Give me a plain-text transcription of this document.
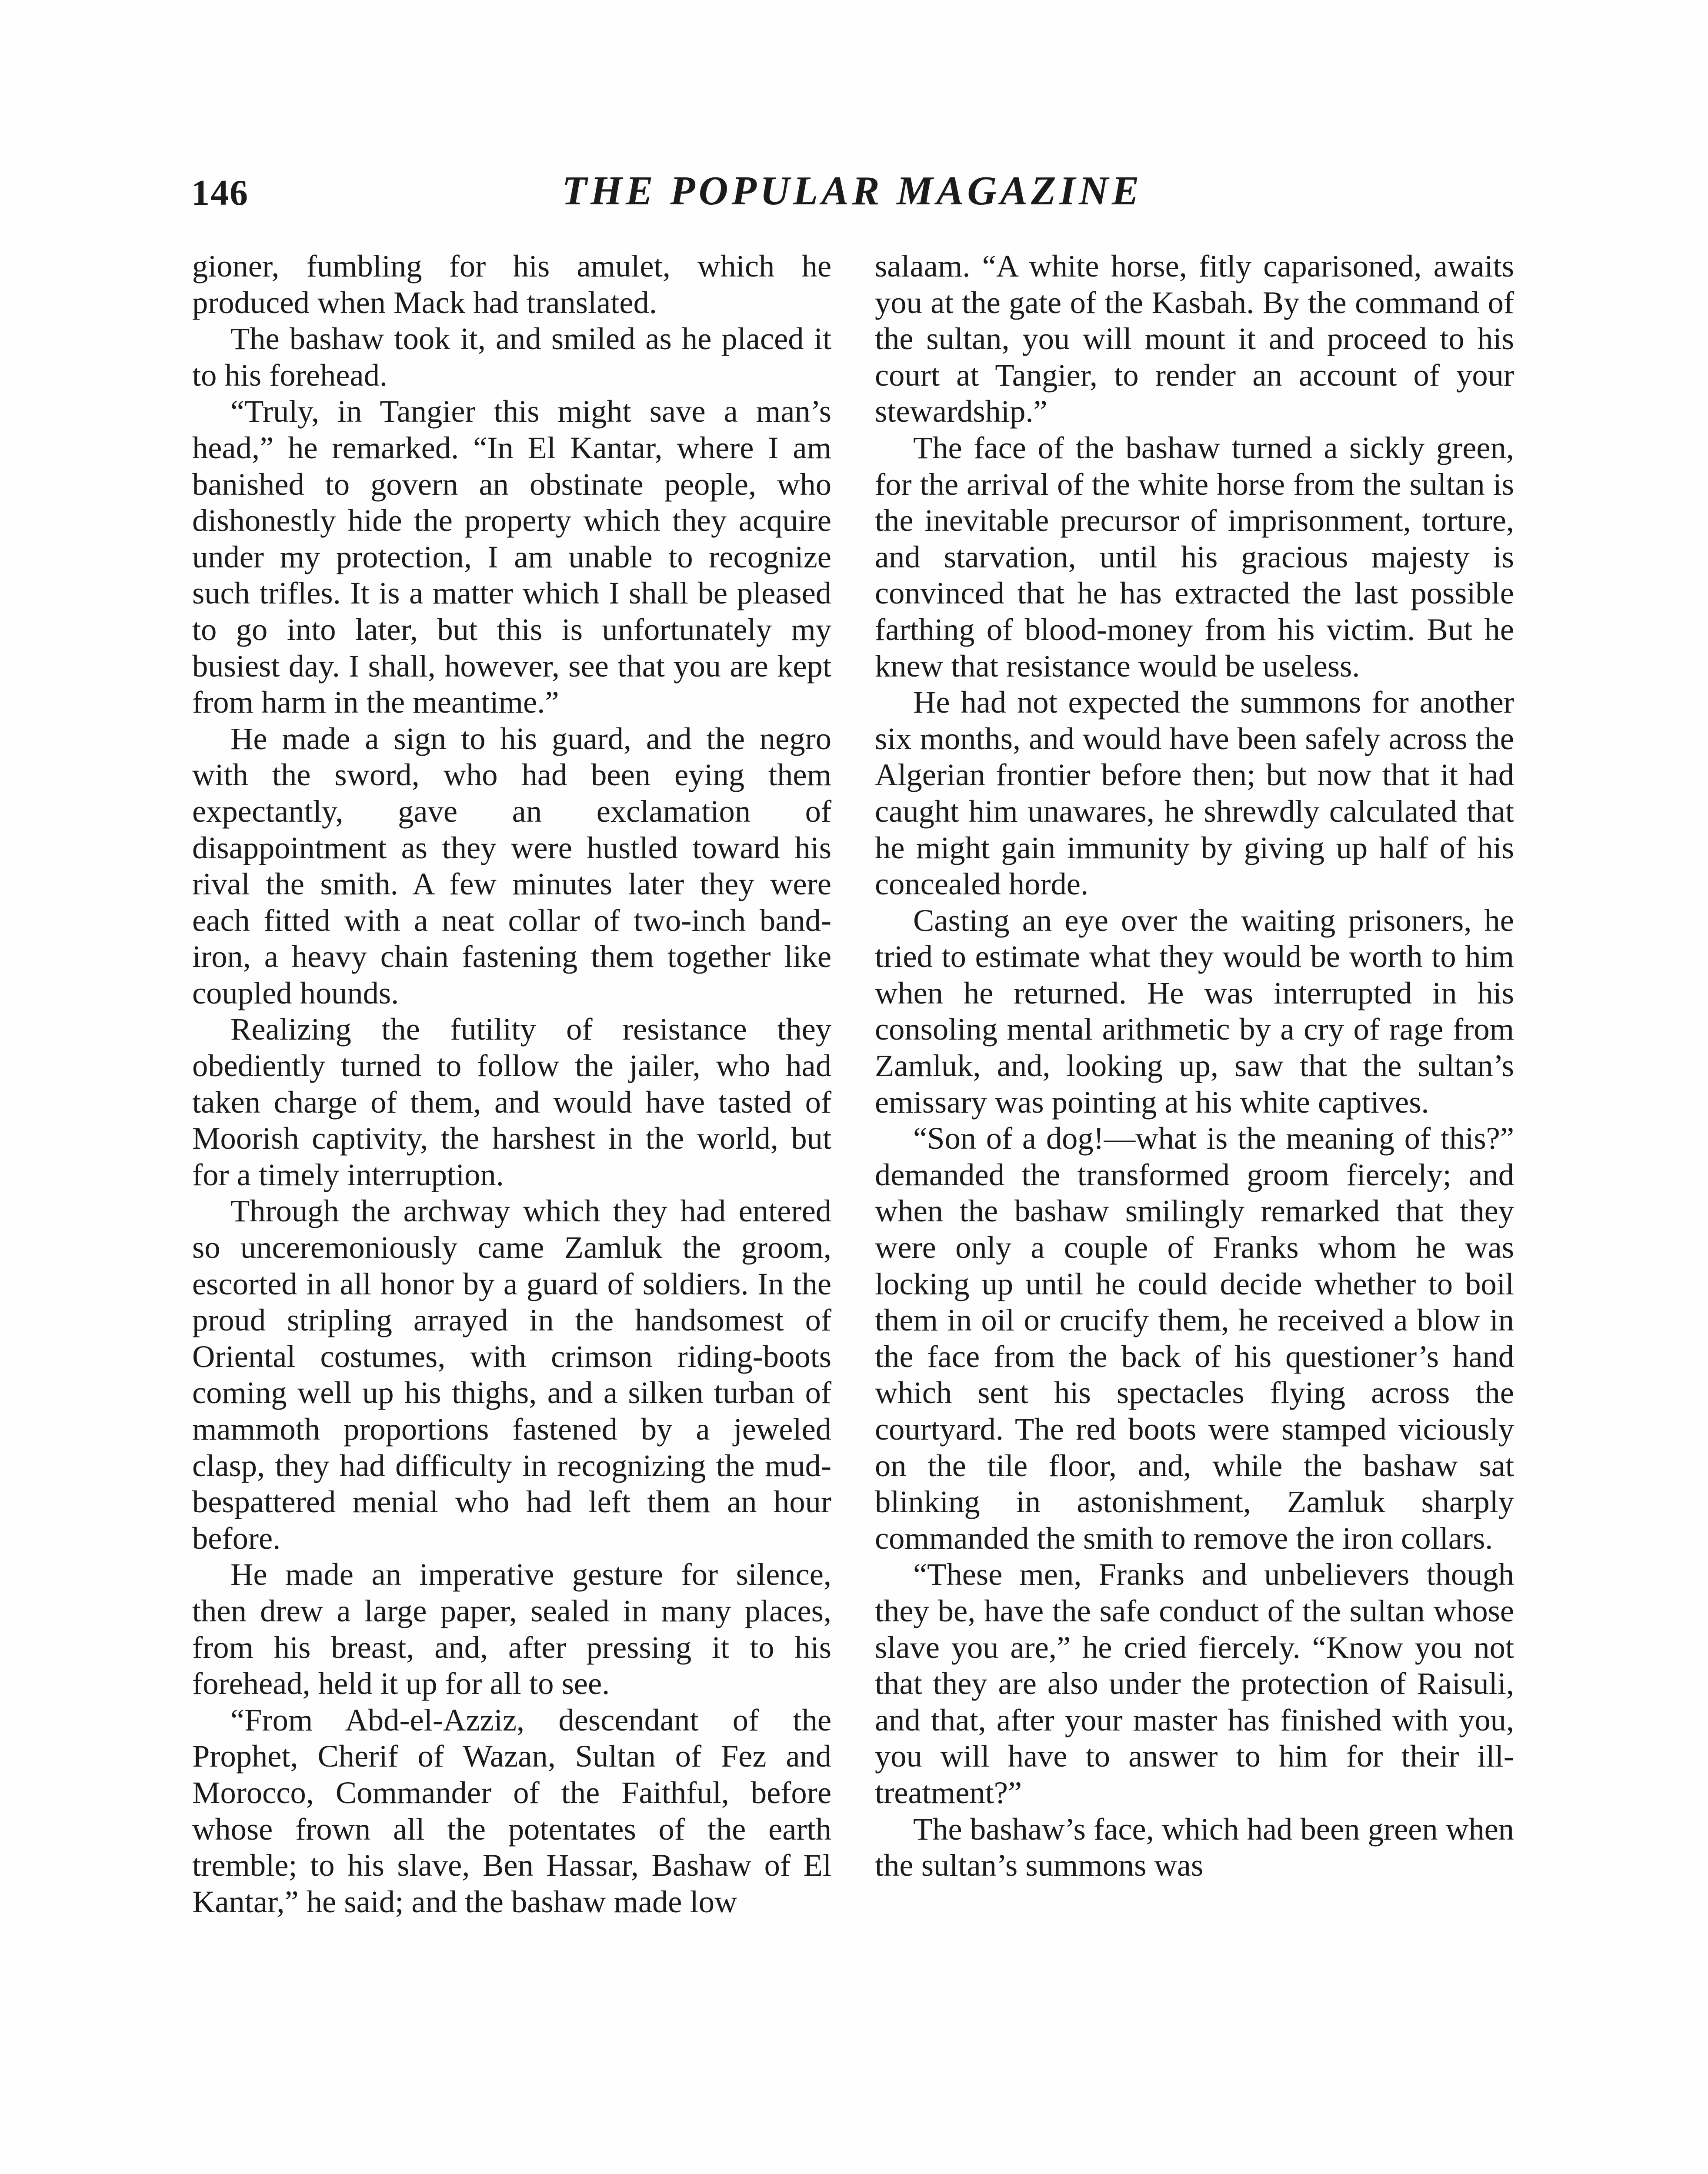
146	THE POPULAR MAGAZINE

gioner, fumbling for his amulet, which he produced when Mack had translated.

The bashaw took it, and smiled as he placed it to his forehead.

“Truly, in Tangier this might save a man’s head,” he remarked. “In El Kantar, where I am banished to govern an obstinate people, who dishonestly hide the property which they acquire under my protection, I am unable to recognize such trifles. It is a matter which I shall be pleased to go into later, but this is unfortunately my busiest day. I shall, however, see that you are kept from harm in the meantime.”

He made a sign to his guard, and the negro with the sword, who had been eying them expectantly, gave an exclamation of disappointment as they were hustled toward his rival the smith. A few minutes later they were each fitted with a neat collar of two-inch band-iron, a heavy chain fastening them together like coupled hounds.

Realizing the futility of resistance they obediently turned to follow the jailer, who had taken charge of them, and would have tasted of Moorish captivity, the harshest in the world, but for a timely interruption.

Through the archway which they had entered so unceremoniously came Zamluk the groom, escorted in all honor by a guard of soldiers. In the proud stripling arrayed in the handsomest of Oriental costumes, with crimson riding-boots coming well up his thighs, and a silken turban of mammoth proportions fastened by a jeweled clasp, they had difficulty in recognizing the mud-bespattered menial who had left them an hour before.

He made an imperative gesture for silence, then drew a large paper, sealed in many places, from his breast, and, after pressing it to his forehead, held it up for all to see.

“From Abd-el-Azziz, descendant of the Prophet, Cherif of Wazan, Sultan of Fez and Morocco, Commander of the Faithful, before whose frown all the potentates of the earth tremble; to his slave, Ben Hassar, Bashaw of El Kantar,” he said; and the bashaw made low

salaam. “A white horse, fitly caparisoned, awaits you at the gate of the Kasbah. By the command of the sultan, you will mount it and proceed to his court at Tangier, to render an account of your stewardship.”

The face of the bashaw turned a sickly green, for the arrival of the white horse from the sultan is the inevitable precursor of imprisonment, torture, and starvation, until his gracious majesty is convinced that he has extracted the last possible farthing of blood-money from his victim. But he knew that resistance would be useless.

He had not expected the summons for another six months, and would have been safely across the Algerian frontier before then; but now that it had caught him unawares, he shrewdly calculated that he might gain immunity by giving up half of his concealed horde.

Casting an eye over the waiting prisoners, he tried to estimate what they would be worth to him when he returned. He was interrupted in his consoling mental arithmetic by a cry of rage from Zamluk, and, looking up, saw that the sultan’s emissary was pointing at his white captives.

“Son of a dog!—what is the meaning of this?” demanded the transformed groom fiercely; and when the bashaw smilingly remarked that they were only a couple of Franks whom he was locking up until he could decide whether to boil them in oil or crucify them, he received a blow in the face from the back of his questioner’s hand which sent his spectacles flying across the courtyard. The red boots were stamped viciously on the tile floor, and, while the bashaw sat blinking in astonishment, Zamluk sharply commanded the smith to remove the iron collars.

“These men, Franks and unbelievers though they be, have the safe conduct of the sultan whose slave you are,” he cried fiercely. “Know you not that they are also under the protection of Raisuli, and that, after your master has finished with you, you will have to answer to him for their ill-treatment?”

The bashaw’s face, which had been green when the sultan’s summons was
